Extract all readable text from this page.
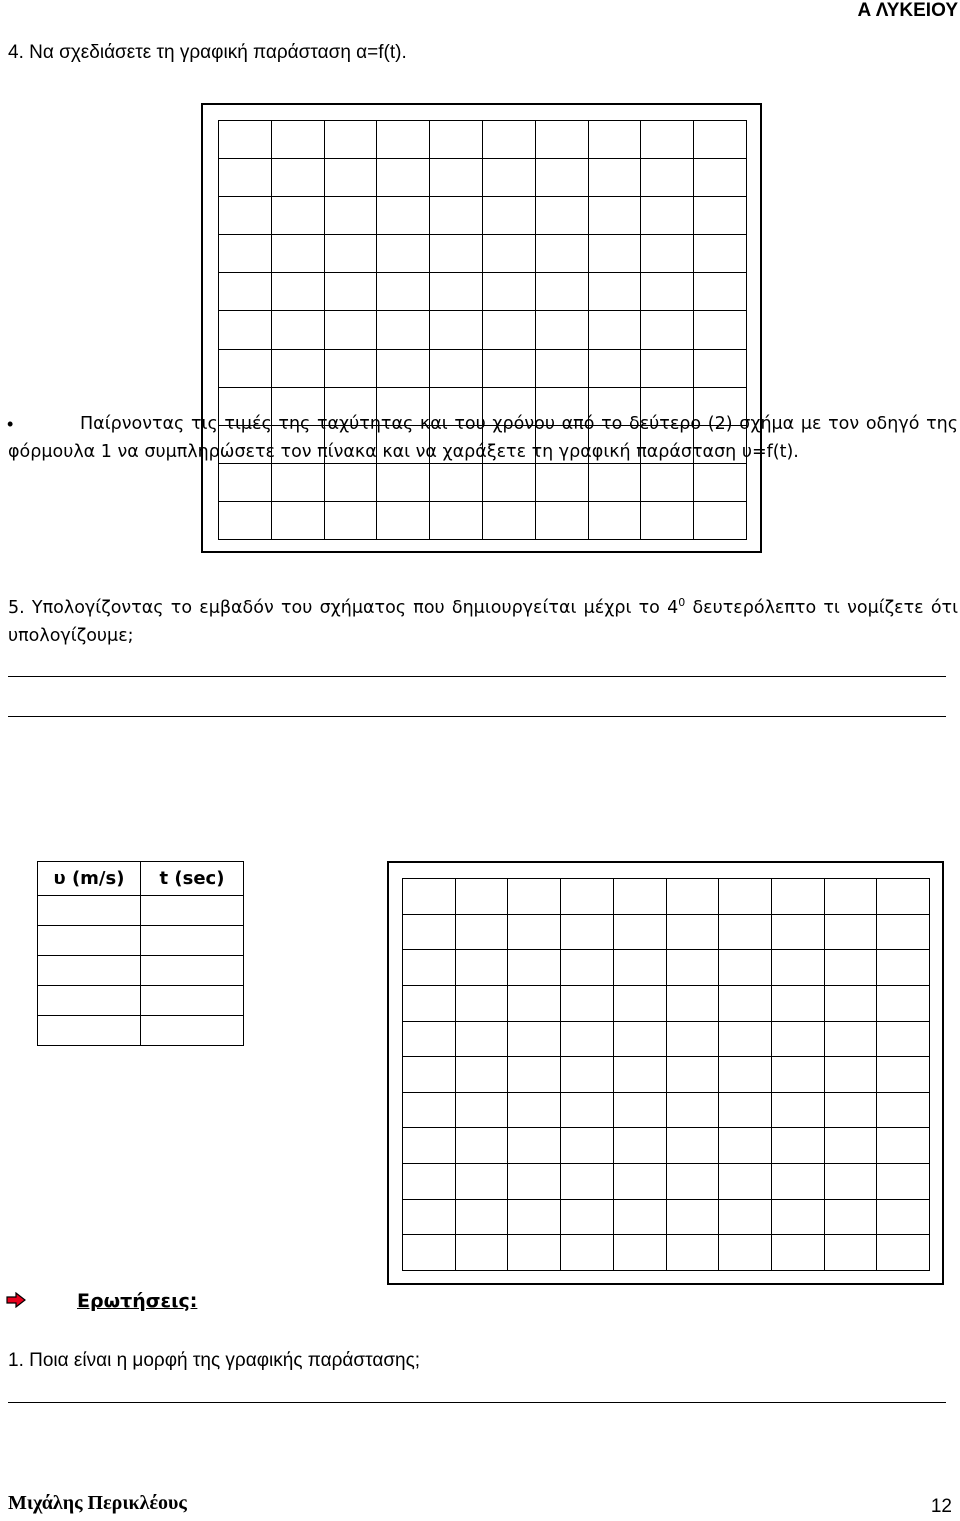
Α ΛΥΚΕΙΟΥ
4. Να σχεδιάσετε τη γραφική παράσταση α=f(t).
5. Υπολογίζοντας το εμβαδόν του σχήματος που δημιουργείται μέχρι το $4^0$ δευτερόλεπτο τι νομίζετε ότι υπολογίζουμε;
•	Παίρνοντας τις τιμές της ταχύτητας και του χρόνου από το δεύτερο (2) σχήμα με τον οδηγό της φόρμουλα 1 να συμπληρώσετε τον πίνακα και να χαράξετε τη γραφική παράσταση υ=f(t).
υ (m/s)	t (sec)

Ερωτήσεις:
1. Ποια είναι η μορφή της γραφικής παράστασης;
Μιχάλης Περικλέους	12
